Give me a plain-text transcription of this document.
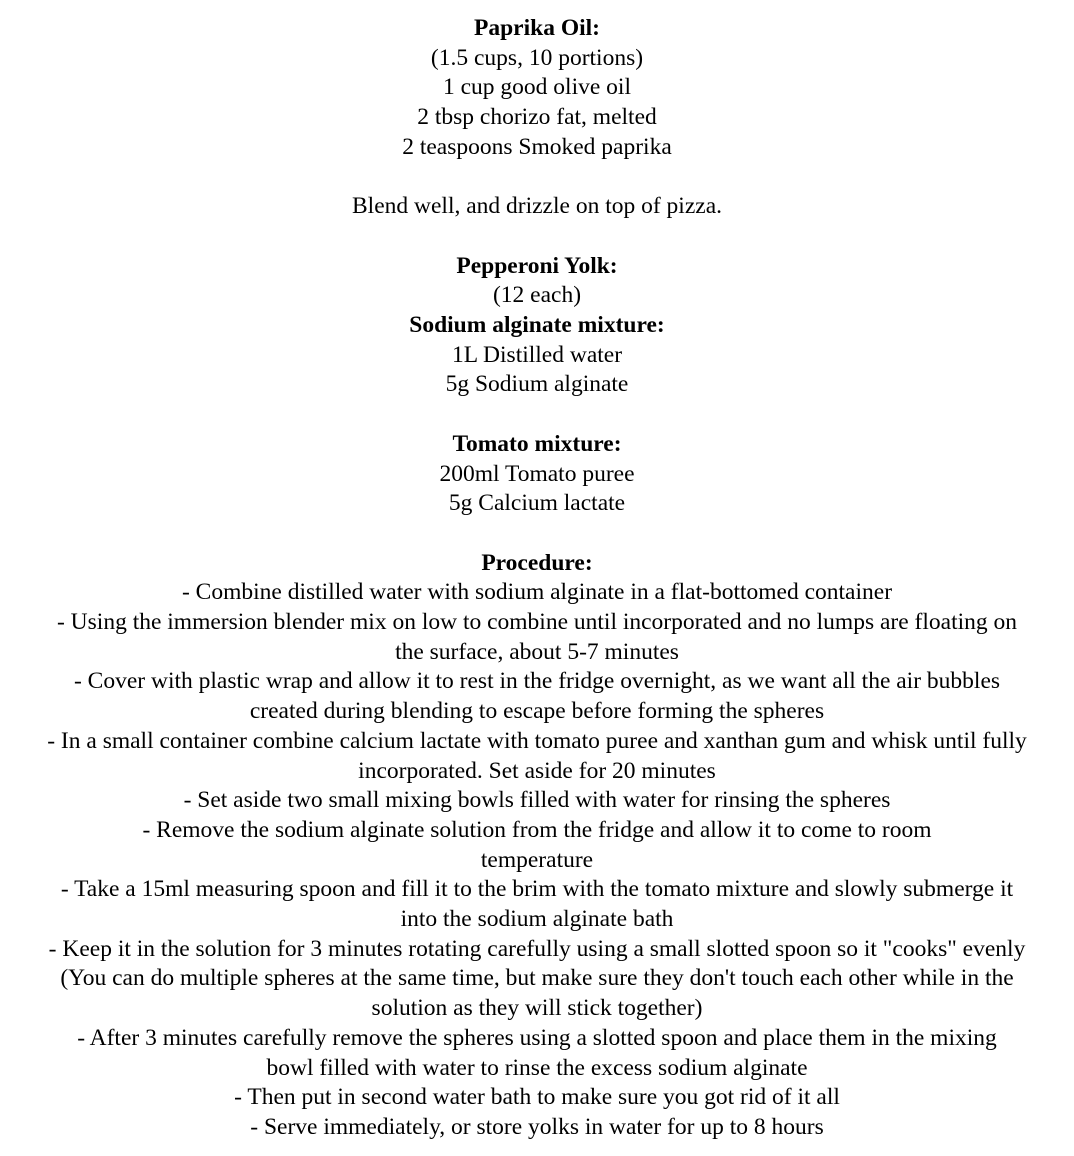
Paprika Oil:
(1.5 cups, 10 portions)
1 cup good olive oil
2 tbsp chorizo fat, melted
2 teaspoons Smoked paprika
Blend well, and drizzle on top of pizza.
Pepperoni Yolk:
(12 each)
Sodium alginate mixture:
1L Distilled water
5g Sodium alginate
Tomato mixture:
200ml Tomato puree
5g Calcium lactate
Procedure:
- Combine distilled water with sodium alginate in a flat-bottomed container
- Using the immersion blender mix on low to combine until incorporated and no lumps are floating on the surface, about 5-7 minutes
- Cover with plastic wrap and allow it to rest in the fridge overnight, as we want all the air bubbles created during blending to escape before forming the spheres
- In a small container combine calcium lactate with tomato puree and xanthan gum and whisk until fully incorporated. Set aside for 20 minutes
- Set aside two small mixing bowls filled with water for rinsing the spheres
- Remove the sodium alginate solution from the fridge and allow it to come to room temperature
- Take a 15ml measuring spoon and fill it to the brim with the tomato mixture and slowly submerge it into the sodium alginate bath
- Keep it in the solution for 3 minutes rotating carefully using a small slotted spoon so it "cooks" evenly (You can do multiple spheres at the same time, but make sure they don't touch each other while in the solution as they will stick together)
- After 3 minutes carefully remove the spheres using a slotted spoon and place them in the mixing bowl filled with water to rinse the excess sodium alginate
- Then put in second water bath to make sure you got rid of it all
- Serve immediately, or store yolks in water for up to 8 hours
